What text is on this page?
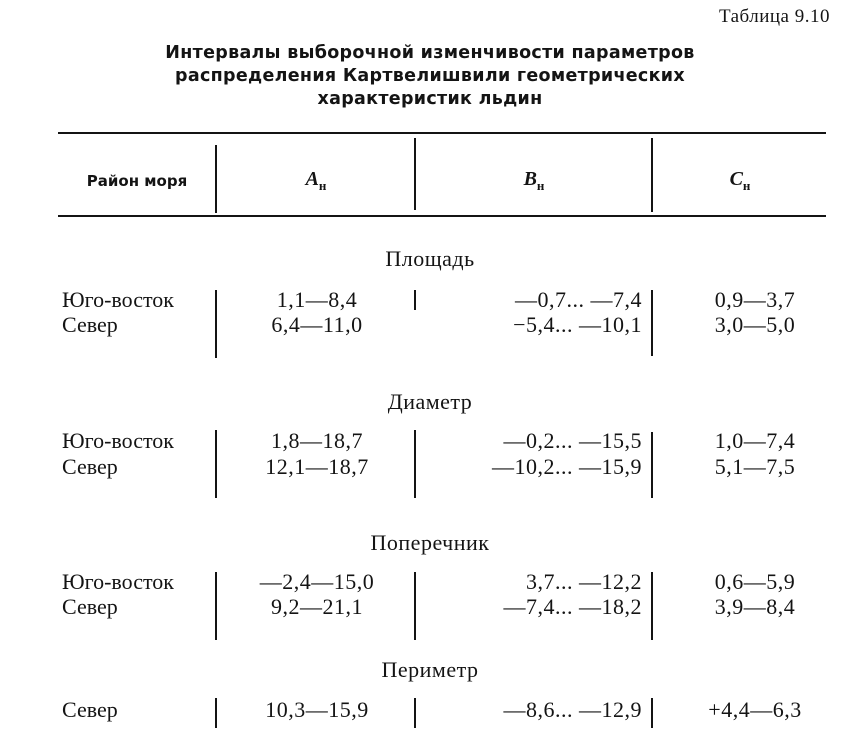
Таблица 9.10
Интервалы выборочной изменчивости параметров
распределения Картвелишвили геометрических
характеристик льдин
Район моря	$A_н$	$B_н$	$C_н$
Площадь
Юго-восток	1,1—8,4	—0,7... —7,4	0,9—3,7
Север	6,4—11,0	−5,4... —10,1	3,0—5,0
Диаметр
Юго-восток	1,8—18,7	—0,2... —15,5	1,0—7,4
Север	12,1—18,7	—10,2... —15,9	5,1—7,5
Поперечник
Юго-восток	—2,4—15,0	3,7... —12,2	0,6—5,9
Север	9,2—21,1	—7,4... —18,2	3,9—8,4
Периметр
Север	10,3—15,9	—8,6... —12,9	+4,4—6,3
